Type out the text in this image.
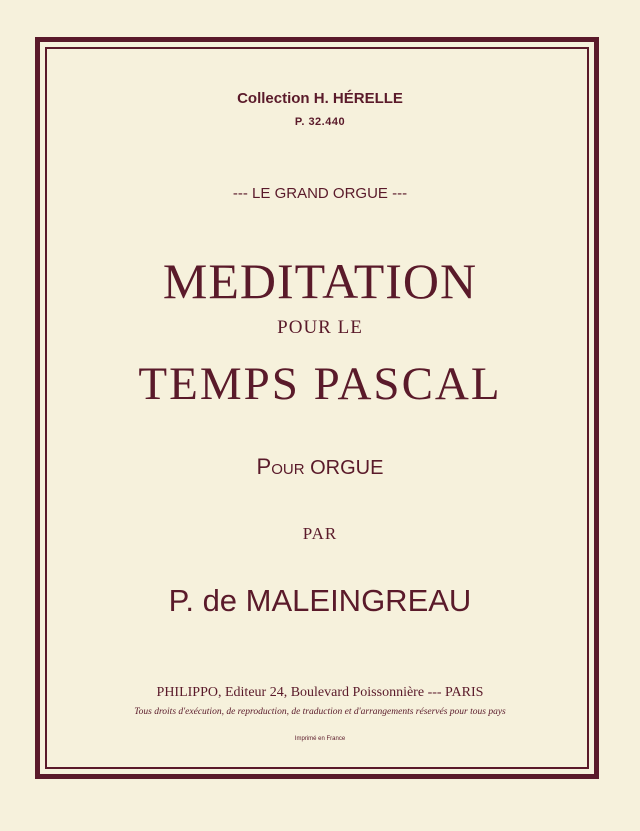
Collection H. HÉRELLE
P. 32.440
--- LE GRAND ORGUE ---
MEDITATION
POUR LE
TEMPS PASCAL
Pour ORGUE
PAR
P. de MALEINGREAU
PHILIPPO, Editeur 24, Boulevard Poissonnière --- PARIS
Tous droits d'exécution, de reproduction, de traduction et d'arrangements réservés pour tous pays
Imprimé en France
